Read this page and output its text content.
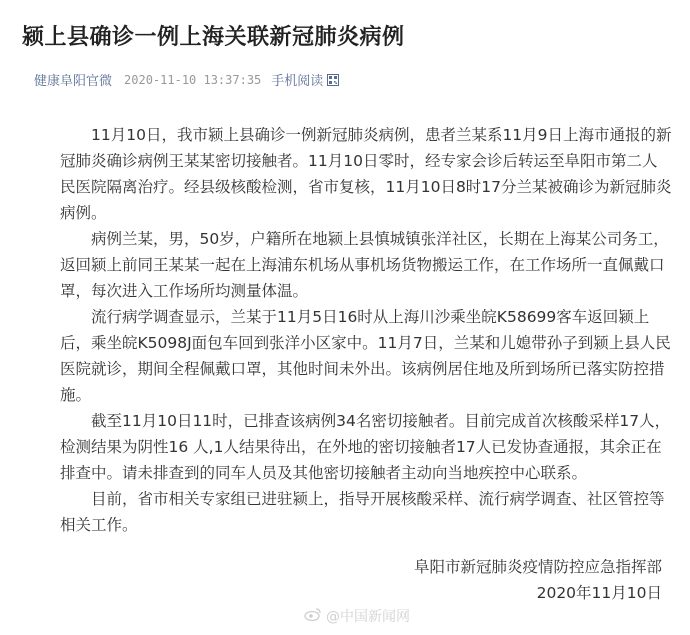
颍上县确诊一例上海关联新冠肺炎病例
健康阜阳官微 2020-11-10 13:37:35 手机阅读

11月10日，我市颍上县确诊一例新冠肺炎病例，患者兰某系11月9日上海市通报的新冠肺炎确诊病例王某某密切接触者。11月10日零时，经专家会诊后转运至阜阳市第二人民医院隔离治疗。经县级核酸检测，省市复核，11月10日8时17分兰某被确诊为新冠肺炎病例。

病例兰某，男，50岁，户籍所在地颍上县慎城镇张洋社区，长期在上海某公司务工，返回颍上前同王某某一起在上海浦东机场从事机场货物搬运工作，在工作场所一直佩戴口罩，每次进入工作场所均测量体温。

流行病学调查显示，兰某于11月5日16时从上海川沙乘坐皖K58699客车返回颍上后，乘坐皖K5098J面包车回到张洋小区家中。11月7日，兰某和儿媳带孙子到颍上县人民医院就诊，期间全程佩戴口罩，其他时间未外出。该病例居住地及所到场所已落实防控措施。

截至11月10日11时，已排查该病例34名密切接触者。目前完成首次核酸采样17人，检测结果为阴性16 人,1人结果待出，在外地的密切接触者17人已发协查通报，其余正在排查中。请未排查到的同车人员及其他密切接触者主动向当地疾控中心联系。

目前，省市相关专家组已进驻颍上，指导开展核酸采样、流行病学调查、社区管控等相关工作。

阜阳市新冠肺炎疫情防控应急指挥部
2020年11月10日
@中国新闻网
